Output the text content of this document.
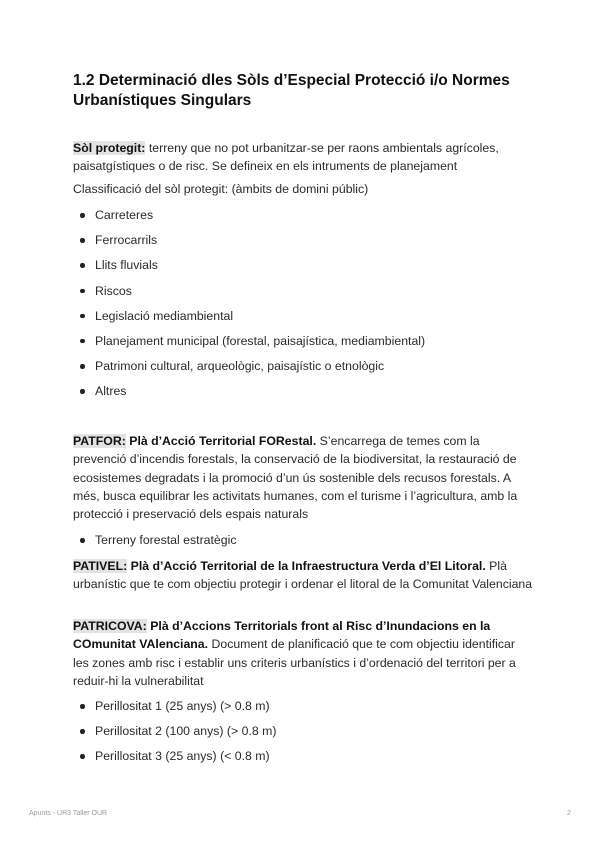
1.2 Determinació dles Sòls d’Especial Protecció i/o Normes Urbanístiques Singulars

Sòl protegit: terreny que no pot urbanitzar-se per raons ambientals agrícoles, paisatgístiques o de risc. Se defineix en els intruments de planejament

Classificació del sòl protegit: (àmbits de domini públic)

Carreteres
Ferrocarrils
Llits fluvials
Riscos
Legislació mediambiental
Planejament municipal (forestal, paisajística, mediambiental)
Patrimoni cultural, arqueològic, paisajístic o etnològic
Altres

PATFOR: Plà d’Acció Territorial FORestal. S’encarrega de temes com la prevenció d’incendis forestals, la conservació de la biodiversitat, la restauració de ecosistemes degradats i la promoció d’un ús sostenible dels recusos forestals. A més, busca equilibrar les activitats humanes, com el turisme i l’agricultura, amb la protecció i preservació dels espais naturals

Terreny forestal estratègic

PATIVEL: Plà d’Acció Territorial de la Infraestructura Verda d’El Litoral. Plà urbanístic que te com objectiu protegir i ordenar el litoral de la Comunitat Valenciana

PATRICOVA: Plà d’Accions Territorials front al Risc d’Inundacions en la COmunitat VAlenciana. Document de planificació que te com objectiu identificar les zones amb risc i establir uns criteris urbanístics i d’ordenació del territori per a reduir-hi la vulnerabilitat

Perillositat 1 (25 anys) (> 0.8 m)
Perillositat 2 (100 anys) (> 0.8 m)
Perillositat 3 (25 anys) (< 0.8 m)
Apunts - UR3 Taller OUR	2
